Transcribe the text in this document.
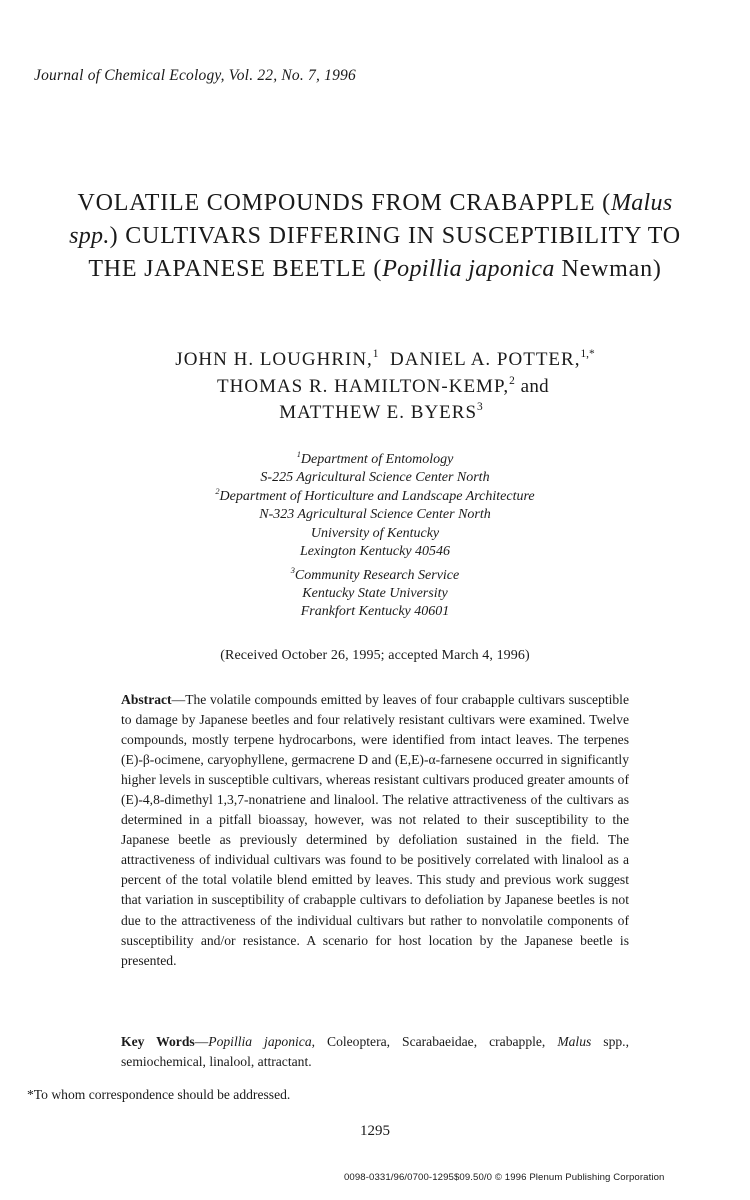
Journal of Chemical Ecology, Vol. 22, No. 7, 1996
VOLATILE COMPOUNDS FROM CRABAPPLE (Malus
spp.) CULTIVARS DIFFERING IN SUSCEPTIBILITY TO
THE JAPANESE BEETLE (Popillia japonica Newman)
JOHN H. LOUGHRIN,$^1$ DANIEL A. POTTER,$^{1,*}$
THOMAS R. HAMILTON-KEMP,$^2$ and
MATTHEW E. BYERS$^3$
$^1$Department of Entomology
S-225 Agricultural Science Center North
$^2$Department of Horticulture and Landscape Architecture
N-323 Agricultural Science Center North
University of Kentucky
Lexington Kentucky 40546
$^3$Community Research Service
Kentucky State University
Frankfort Kentucky 40601
(Received October 26, 1995; accepted March 4, 1996)
Abstract—The volatile compounds emitted by leaves of four crabapple cultivars susceptible to damage by Japanese beetles and four relatively resistant cultivars were examined. Twelve compounds, mostly terpene hydrocarbons, were identified from intact leaves. The terpenes (E)-β-ocimene, caryophyllene, germacrene D and (E,E)-α-farnesene occurred in significantly higher levels in susceptible cultivars, whereas resistant cultivars produced greater amounts of (E)-4,8-dimethyl 1,3,7-nonatriene and linalool. The relative attractiveness of the cultivars as determined in a pitfall bioassay, however, was not related to their susceptibility to the Japanese beetle as previously determined by defoliation sustained in the field. The attractiveness of individual cultivars was found to be positively correlated with linalool as a percent of the total volatile blend emitted by leaves. This study and previous work suggest that variation in susceptibility of crabapple cultivars to defoliation by Japanese beetles is not due to the attractiveness of the individual cultivars but rather to nonvolatile components of susceptibility and/or resistance. A scenario for host location by the Japanese beetle is presented.
Key Words—Popillia japonica, Coleoptera, Scarabaeidae, crabapple, Malus spp., semiochemical, linalool, attractant.
*To whom correspondence should be addressed.
1295
0098-0331/96/0700-1295$09.50/0 © 1996 Plenum Publishing Corporation
